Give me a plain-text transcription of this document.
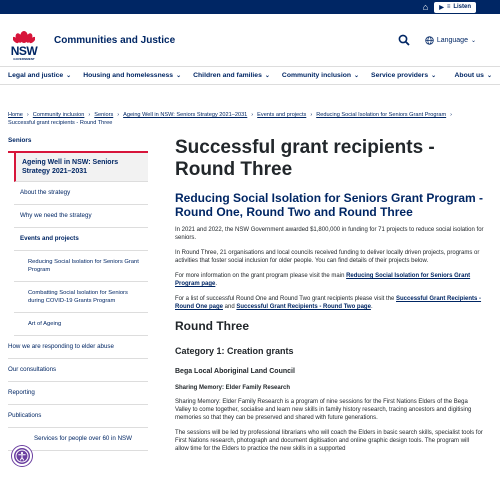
⌂ ▶ ≡ Listen
NSW
GOVERNMENT
Communities and Justice	Language ⌄
Legal and justice ⌄ Housing and homelessness ⌄ Children and families ⌄ Community inclusion ⌄ Service providers ⌄	About us ⌄
Home › Community inclusion › Seniors › Ageing Well in NSW: Seniors Strategy 2021–2031 › Events and projects › Reducing Social Isolation for Seniors Grant Program ›
Successful grant recipients - Round Three
Seniors
Ageing Well in NSW: Seniors Strategy 2021–2031
About the strategy
Why we need the strategy
Events and projects
Reducing Social Isolation for Seniors Grant Program
Combatting Social Isolation for Seniors during COVID-19 Grants Program
Art of Ageing
How we are responding to elder abuse
Our consultations
Reporting
Publications
Services for people over 60 in NSW
Successful grant recipients - Round Three
Reducing Social Isolation for Seniors Grant Program - Round One, Round Two and Round Three

In 2021 and 2022, the NSW Government awarded $1,800,000 in funding for 71 projects to reduce social isolation for seniors.

In Round Three, 21 organisations and local councils received funding to deliver locally driven projects, programs or activities that foster social inclusion for older people. You can find details of their projects below.

For more information on the grant program please visit the main Reducing Social Isolation for Seniors Grant Program page.

For a list of successful Round One and Round Two grant recipients please visit the Successful Grant Recipients - Round One page and Successful Grant Recipients - Round Two page.

Round Three
Category 1: Creation grants
Bega Local Aboriginal Land Council
Sharing Memory: Elder Family Research

Sharing Memory: Elder Family Research is a program of nine sessions for the First Nations Elders of the Bega Valley to come together, socialise and learn new skills in family history research, tracing ancestors and digitising memories so that they can be preserved and shared with future generations.

The sessions will be led by professional librarians who will coach the Elders in basic search skills, specialist tools for First Nations research, photograph and document digitisation and online graphic design tools. The program will allow time for the Elders to practice the new skills in a supported
